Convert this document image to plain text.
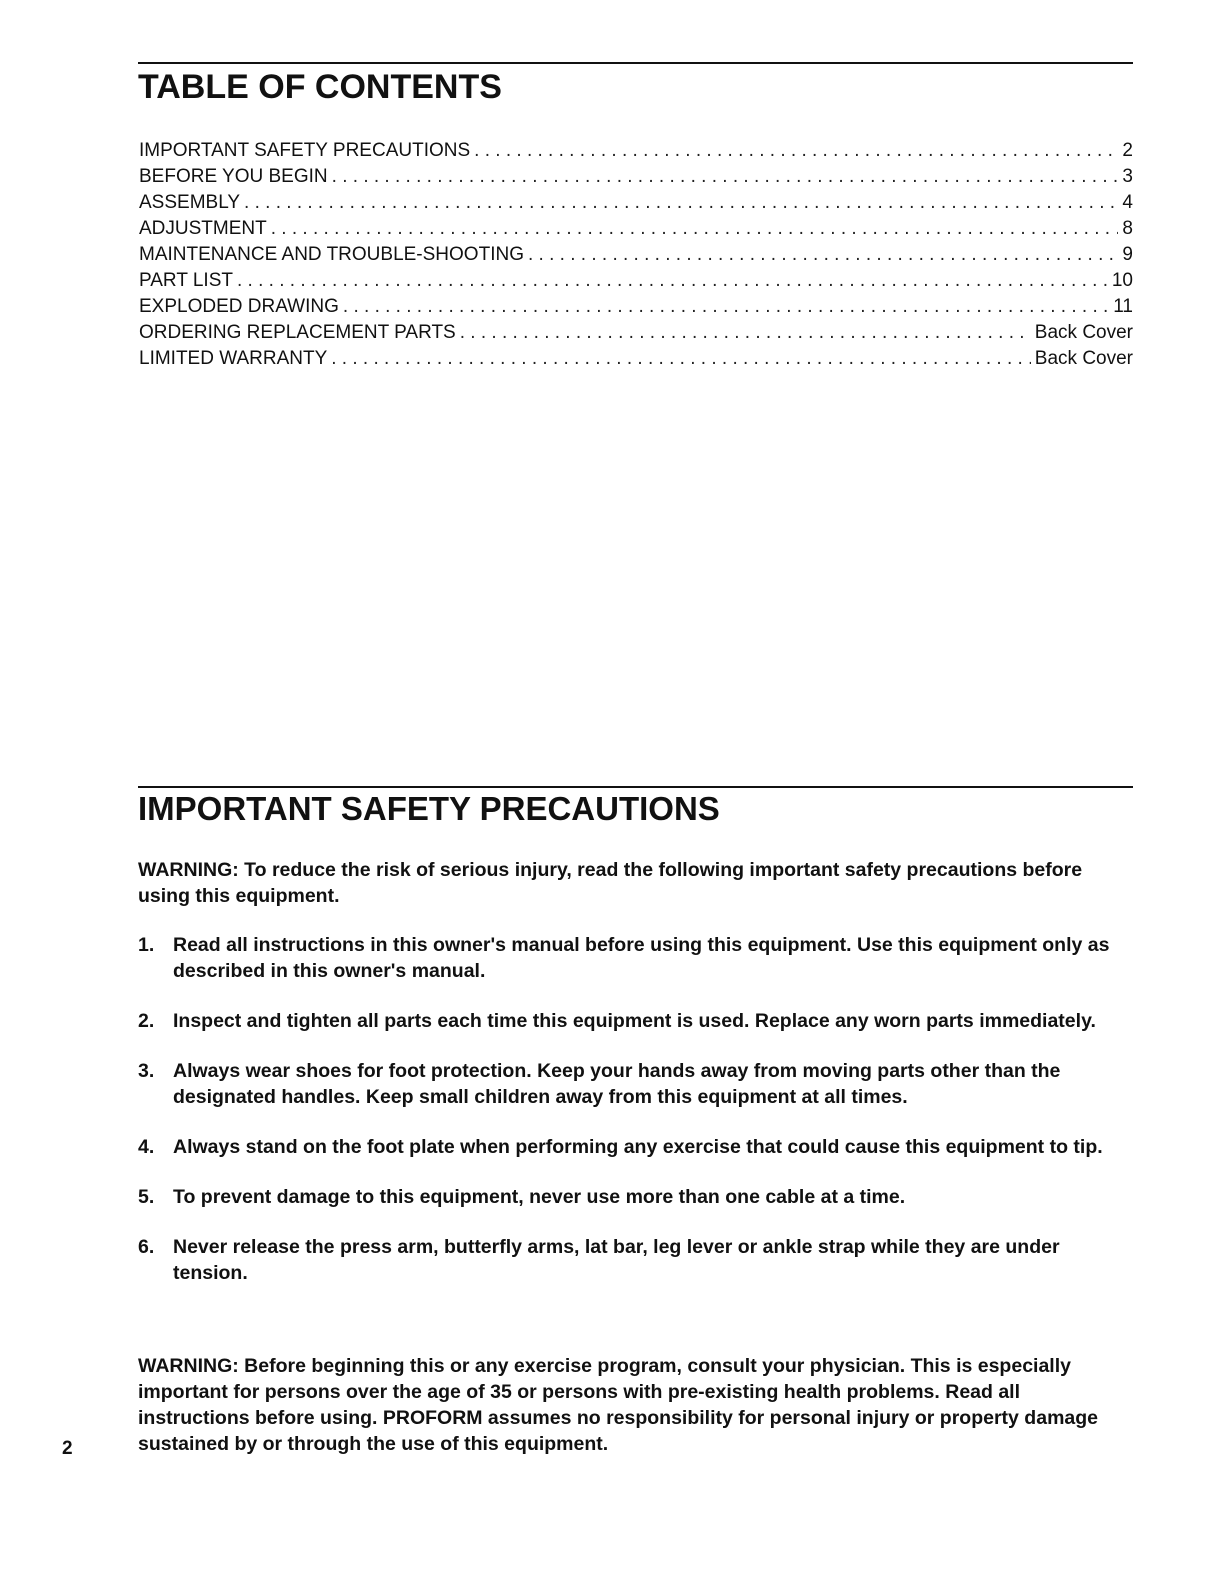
TABLE OF CONTENTS
IMPORTANT SAFETY PRECAUTIONS . . .	2
BEFORE YOU BEGIN . . .	3
ASSEMBLY . . .	4
ADJUSTMENT . . .	8
MAINTENANCE AND TROUBLE-SHOOTING . . .	9
PART LIST . . .	10
EXPLODED DRAWING . . .	11
ORDERING REPLACEMENT PARTS . . .	Back Cover
LIMITED WARRANTY . . .	Back Cover
IMPORTANT SAFETY PRECAUTIONS

WARNING: To reduce the risk of serious injury, read the following important safety precautions before using this equipment.

1. Read all instructions in this owner's manual before using this equipment. Use this equipment only as described in this owner's manual.
2. Inspect and tighten all parts each time this equipment is used. Replace any worn parts immediately.
3. Always wear shoes for foot protection. Keep your hands away from moving parts other than the designated handles. Keep small children away from this equipment at all times.
4. Always stand on the foot plate when performing any exercise that could cause this equipment to tip.
5. To prevent damage to this equipment, never use more than one cable at a time.
6. Never release the press arm, butterfly arms, lat bar, leg lever or ankle strap while they are under tension.

WARNING: Before beginning this or any exercise program, consult your physician. This is especially important for persons over the age of 35 or persons with pre-existing health problems. Read all instructions before using. PROFORM assumes no responsibility for personal injury or property damage sustained by or through the use of this equipment.

2
